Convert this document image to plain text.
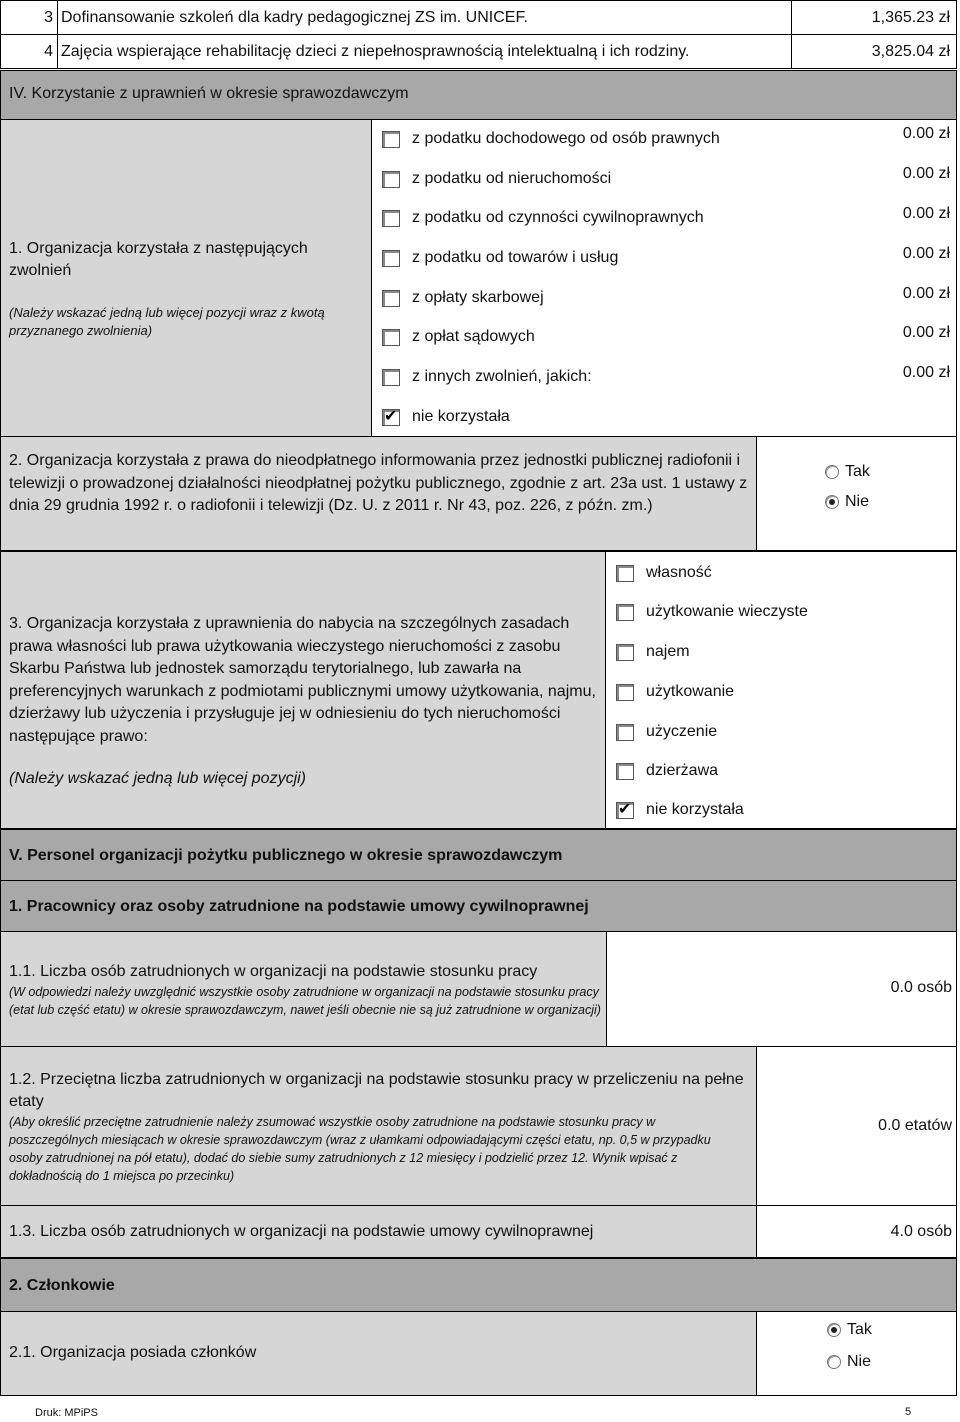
3 Dofinansowanie szkoleń dla kadry pedagogicznej ZS im. UNICEF.	1,365.23 zł
4 Zajęcia wspierające rehabilitację dzieci z niepełnosprawnością intelektualną i ich rodziny.	3,825.04 zł
IV. Korzystanie z uprawnień w okresie sprawozdawczym
1. Organizacja korzystała z następujących zwolnień
(Należy wskazać jedną lub więcej pozycji wraz z kwotą przyznanego zwolnienia)
z podatku dochodowego od osób prawnych	0.00 zł
z podatku od nieruchomości	0.00 zł
z podatku od czynności cywilnoprawnych	0.00 zł
z podatku od towarów i usług	0.00 zł
z opłaty skarbowej	0.00 zł
z opłat sądowych	0.00 zł
z innych zwolnień, jakich:	0.00 zł
✔
nie korzystała
2. Organizacja korzystała z prawa do nieodpłatnego informowania przez jednostki publicznej radiofonii i telewizji o prowadzonej działalności nieodpłatnej pożytku publicznego, zgodnie z art. 23a ust. 1 ustawy z dnia 29 grudnia 1992 r. o radiofonii i telewizji (Dz. U. z 2011 r. Nr 43, poz. 226, z późn. zm.)
Tak
Nie
3. Organizacja korzystała z uprawnienia do nabycia na szczególnych zasadach prawa własności lub prawa użytkowania wieczystego nieruchomości z zasobu Skarbu Państwa lub jednostek samorządu terytorialnego, lub zawarła na preferencyjnych warunkach z podmiotami publicznymi umowy użytkowania, najmu, dzierżawy lub użyczenia i przysługuje jej w odniesieniu do tych nieruchomości następujące prawo:
(Należy wskazać jedną lub więcej pozycji)
własność
użytkowanie wieczyste
najem
użytkowanie
użyczenie
dzierżawa
✔
nie korzystała
V. Personel organizacji pożytku publicznego w okresie sprawozdawczym
1. Pracownicy oraz osoby zatrudnione na podstawie umowy cywilnoprawnej
1.1. Liczba osób zatrudnionych w organizacji na podstawie stosunku pracy
(W odpowiedzi należy uwzględnić wszystkie osoby zatrudnione w organizacji na podstawie stosunku pracy (etat lub część etatu) w okresie sprawozdawczym, nawet jeśli obecnie nie są już zatrudnione w organizacji)
0.0 osób
1.2. Przeciętna liczba zatrudnionych w organizacji na podstawie stosunku pracy w przeliczeniu na pełne etaty
(Aby określić przeciętne zatrudnienie należy zsumować wszystkie osoby zatrudnione na podstawie stosunku pracy w poszczególnych miesiącach w okresie sprawozdawczym (wraz z ułamkami odpowiadającymi części etatu, np. 0,5 w przypadku osoby zatrudnionej na pół etatu), dodać do siebie sumy zatrudnionych z 12 miesięcy i podzielić przez 12. Wynik wpisać z dokładnością do 1 miejsca po przecinku)
0.0 etatów
1.3. Liczba osób zatrudnionych w organizacji na podstawie umowy cywilnoprawnej	4.0 osób
2. Członkowie
2.1. Organizacja posiada członków
Tak
Nie
Druk: MPiPS	5
